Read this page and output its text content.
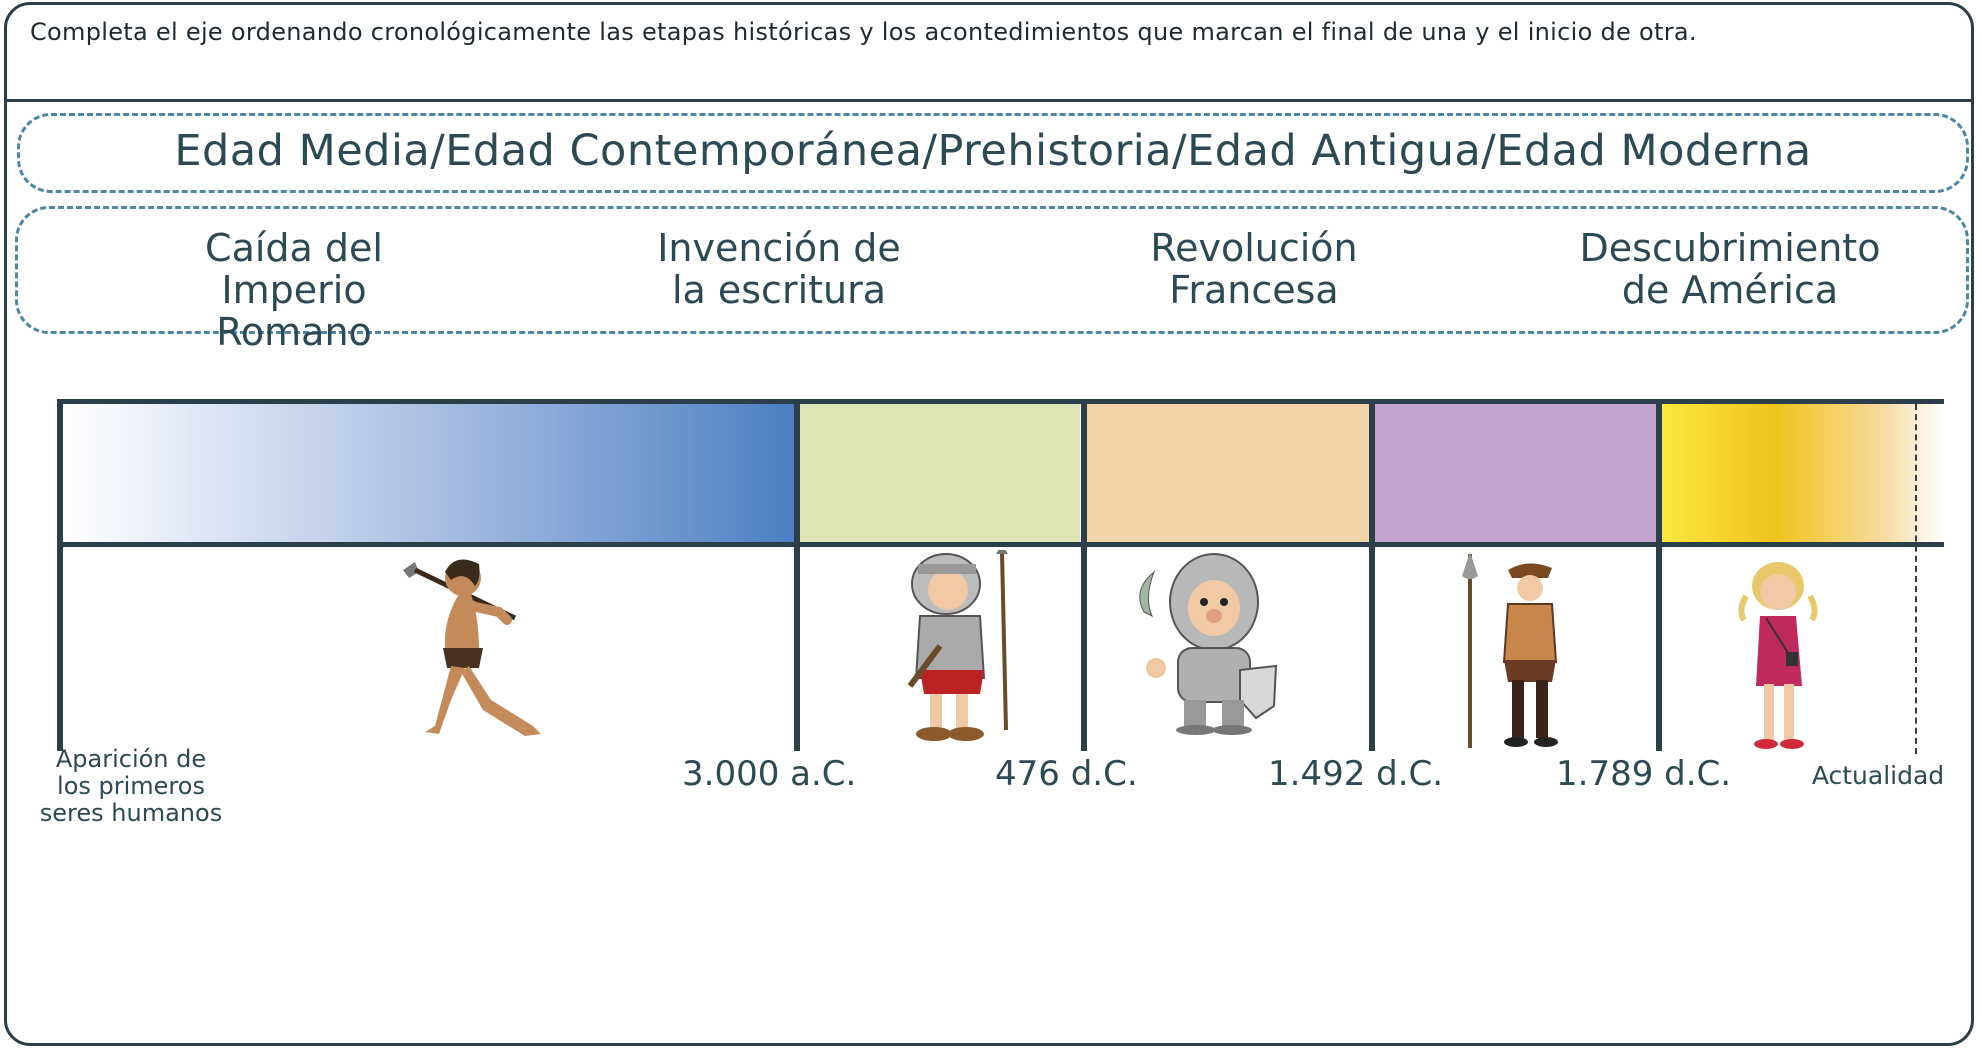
Completa el eje ordenando cronológicamente las etapas históricas y los acontedimientos que marcan el final de una y el inicio de otra.
Edad Media/Edad Contemporánea/Prehistoria/Edad Antigua/Edad Moderna
Caída del Imperio
Romano
Invención de
la escritura
Revolución
Francesa
Descubrimiento
de América
Aparición de
los primeros
seres humanos
3.000 a.C.	476 d.C.	1.492 d.C.	1.789 d.C.	Actualidad
